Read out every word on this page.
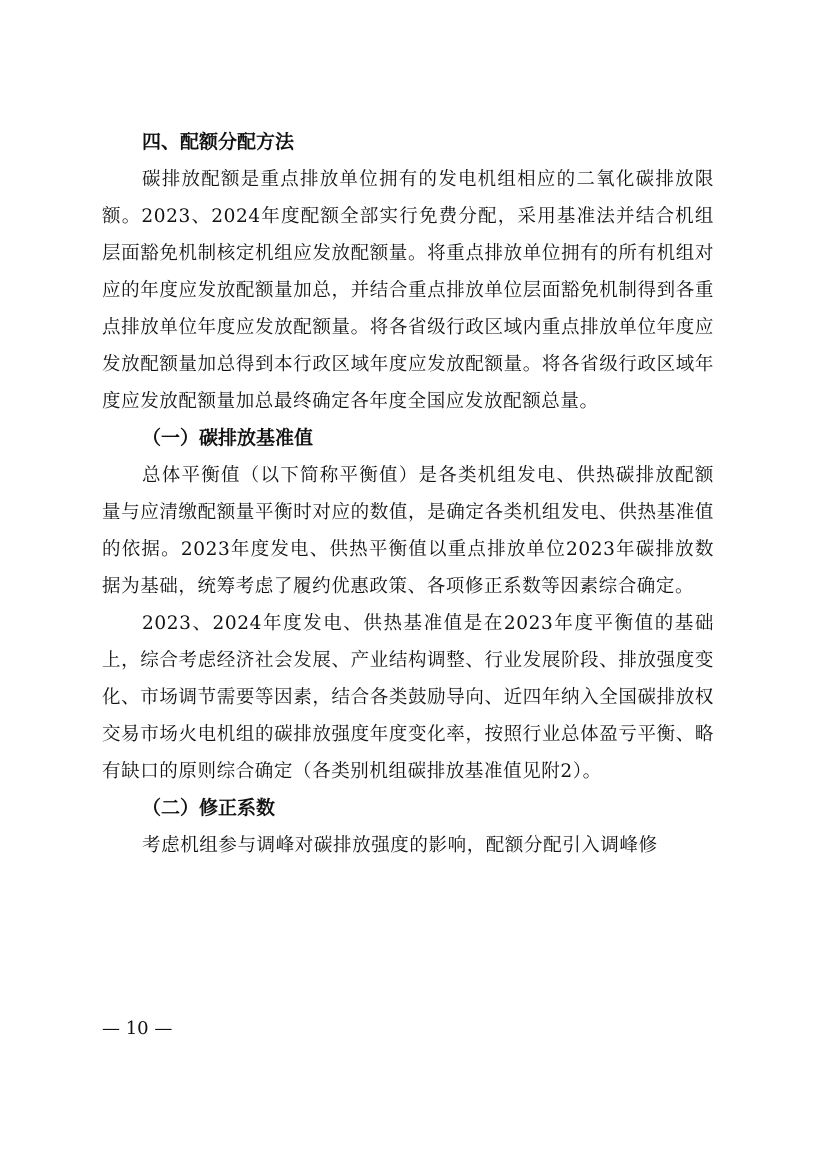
四、配额分配方法

碳排放配额是重点排放单位拥有的发电机组相应的二氧化碳排放限额。2023、2024年度配额全部实行免费分配，采用基准法并结合机组层面豁免机制核定机组应发放配额量。将重点排放单位拥有的所有机组对应的年度应发放配额量加总，并结合重点排放单位层面豁免机制得到各重点排放单位年度应发放配额量。将各省级行政区域内重点排放单位年度应发放配额量加总得到本行政区域年度应发放配额量。将各省级行政区域年度应发放配额量加总最终确定各年度全国应发放配额总量。

（一）碳排放基准值

总体平衡值（以下简称平衡值）是各类机组发电、供热碳排放配额量与应清缴配额量平衡时对应的数值，是确定各类机组发电、供热基准值的依据。2023年度发电、供热平衡值以重点排放单位2023年碳排放数据为基础，统筹考虑了履约优惠政策、各项修正系数等因素综合确定。

2023、2024年度发电、供热基准值是在2023年度平衡值的基础上，综合考虑经济社会发展、产业结构调整、行业发展阶段、排放强度变化、市场调节需要等因素，结合各类鼓励导向、近四年纳入全国碳排放权交易市场火电机组的碳排放强度年度变化率，按照行业总体盈亏平衡、略有缺口的原则综合确定（各类别机组碳排放基准值见附2）。

（二）修正系数

考虑机组参与调峰对碳排放强度的影响，配额分配引入调峰修

— 10 —
